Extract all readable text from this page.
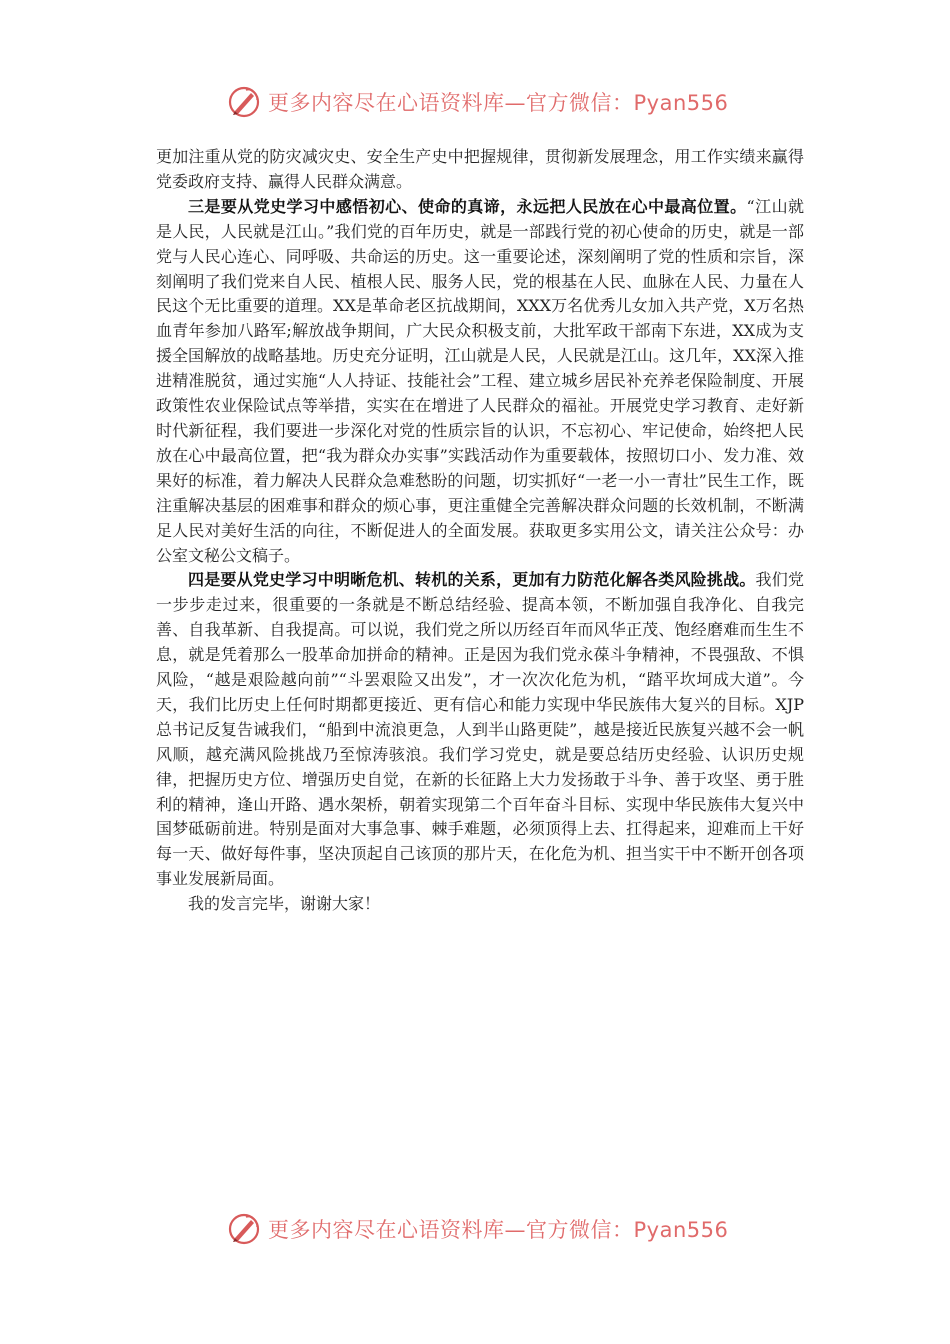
更多内容尽在心语资料库—官方微信：Pyan556

更加注重从党的防灾减灾史、安全生产史中把握规律，贯彻新发展理念，用工作实绩来赢得党委政府支持、赢得人民群众满意。

三是要从党史学习中感悟初心、使命的真谛，永远把人民放在心中最高位置。“江山就是人民，人民就是江山。”我们党的百年历史，就是一部践行党的初心使命的历史，就是一部党与人民心连心、同呼吸、共命运的历史。这一重要论述，深刻阐明了党的性质和宗旨，深刻阐明了我们党来自人民、植根人民、服务人民，党的根基在人民、血脉在人民、力量在人民这个无比重要的道理。XX是革命老区抗战期间，XXX万名优秀儿女加入共产党，X万名热血青年参加八路军;解放战争期间，广大民众积极支前，大批军政干部南下东进，XX成为支援全国解放的战略基地。历史充分证明，江山就是人民，人民就是江山。这几年，XX深入推进精准脱贫，通过实施“人人持证、技能社会”工程、建立城乡居民补充养老保险制度、开展政策性农业保险试点等举措，实实在在增进了人民群众的福祉。开展党史学习教育、走好新时代新征程，我们要进一步深化对党的性质宗旨的认识，不忘初心、牢记使命，始终把人民放在心中最高位置，把“我为群众办实事”实践活动作为重要载体，按照切口小、发力准、效果好的标准，着力解决人民群众急难愁盼的问题，切实抓好“一老一小一青壮”民生工作，既注重解决基层的困难事和群众的烦心事，更注重健全完善解决群众问题的长效机制，不断满足人民对美好生活的向往，不断促进人的全面发展。获取更多实用公文，请关注公众号：办公室文秘公文稿子。

四是要从党史学习中明晰危机、转机的关系，更加有力防范化解各类风险挑战。我们党一步步走过来，很重要的一条就是不断总结经验、提高本领，不断加强自我净化、自我完善、自我革新、自我提高。可以说，我们党之所以历经百年而风华正茂、饱经磨难而生生不息，就是凭着那么一股革命加拼命的精神。正是因为我们党永葆斗争精神，不畏强敌、不惧风险，“越是艰险越向前”“斗罢艰险又出发”，才一次次化危为机，“踏平坎坷成大道”。今天，我们比历史上任何时期都更接近、更有信心和能力实现中华民族伟大复兴的目标。XJP总书记反复告诫我们，“船到中流浪更急，人到半山路更陡”，越是接近民族复兴越不会一帆风顺，越充满风险挑战乃至惊涛骇浪。我们学习党史，就是要总结历史经验、认识历史规律，把握历史方位、增强历史自觉，在新的长征路上大力发扬敢于斗争、善于攻坚、勇于胜利的精神，逢山开路、遇水架桥，朝着实现第二个百年奋斗目标、实现中华民族伟大复兴中国梦砥砺前进。特别是面对大事急事、棘手难题，必须顶得上去、扛得起来，迎难而上干好每一天、做好每件事，坚决顶起自己该顶的那片天，在化危为机、担当实干中不断开创各项事业发展新局面。

我的发言完毕，谢谢大家！

更多内容尽在心语资料库—官方微信：Pyan556
